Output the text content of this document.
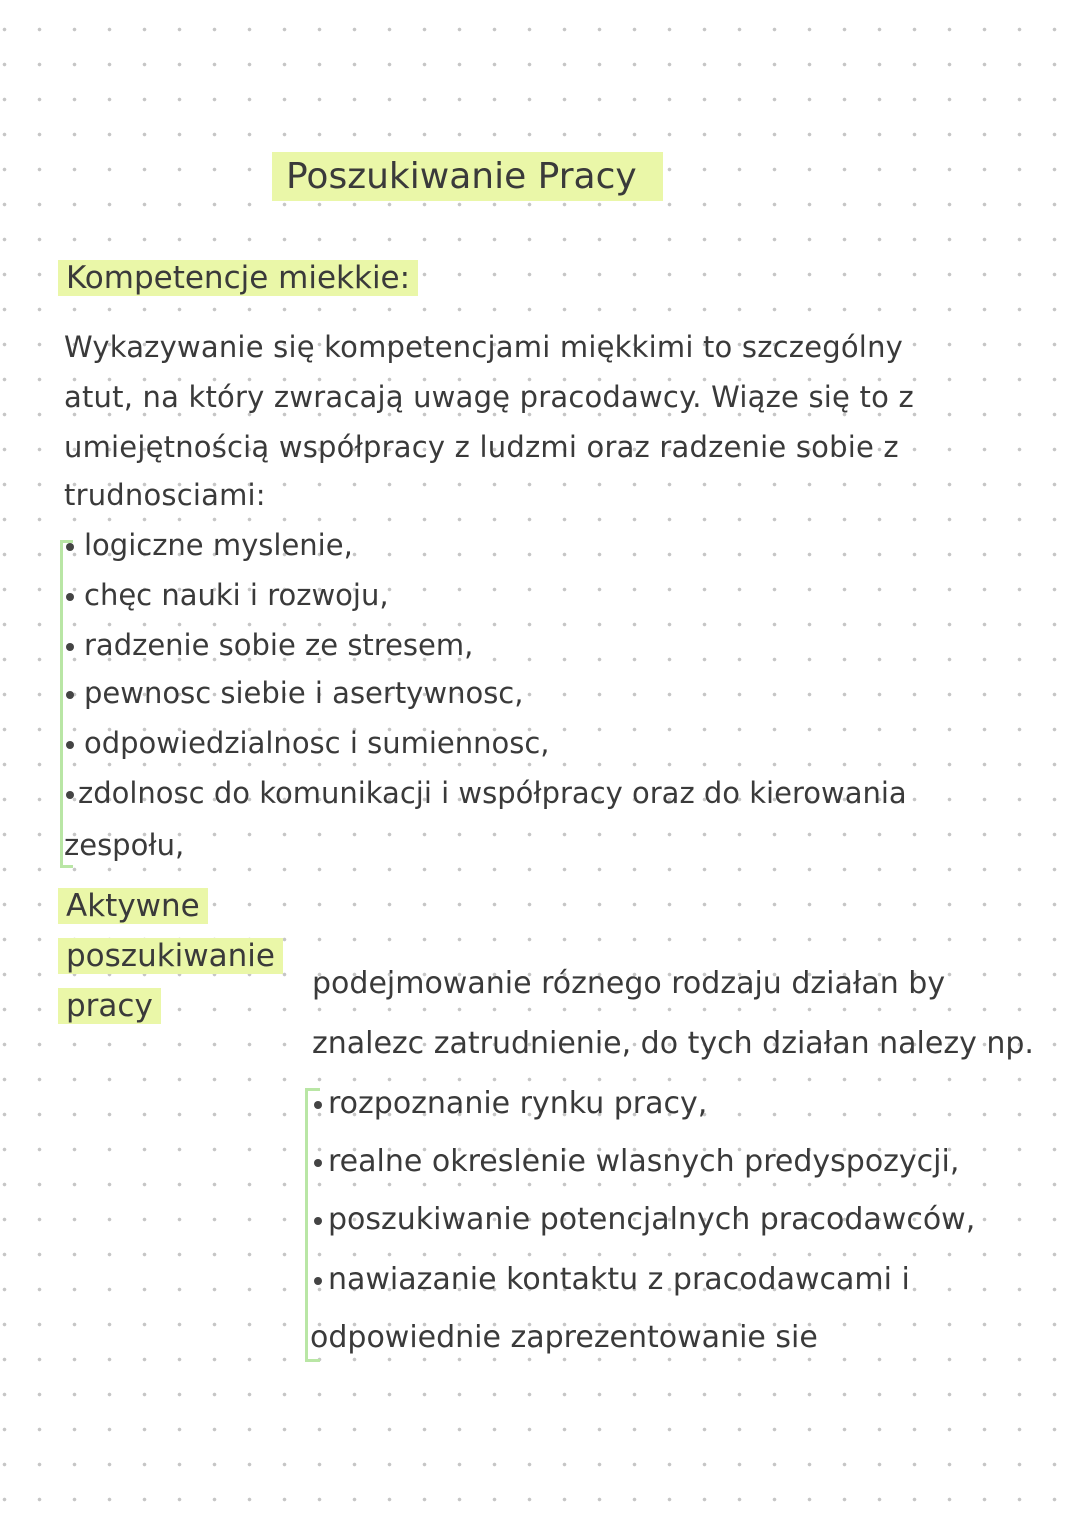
Poszukiwanie Pracy
Kompetencje miekkie:
Wykazywanie się kompetencjami miękkimi to szczególny
atut, na który zwracają uwagę pracodawcy. Wiąze się to z
umiejętnością współpracy z ludzmi oraz radzenie sobie z
trudnosciami:
logiczne myslenie,
chęc nauki i rozwoju,
radzenie sobie ze stresem,
pewnosc siebie i asertywnosc,
odpowiedzialnosc i sumiennosc,
zdolnosc do komunikacji i współpracy oraz do kierowania
zespołu,
Aktywne
poszukiwanie
pracy
podejmowanie róznego rodzaju działan by
znalezc zatrudnienie, do tych działan nalezy np.
rozpoznanie rynku pracy,
realne okreslenie wlasnych predyspozycji,
poszukiwanie potencjalnych pracodawców,
nawiazanie kontaktu z pracodawcami i
odpowiednie zaprezentowanie sie
